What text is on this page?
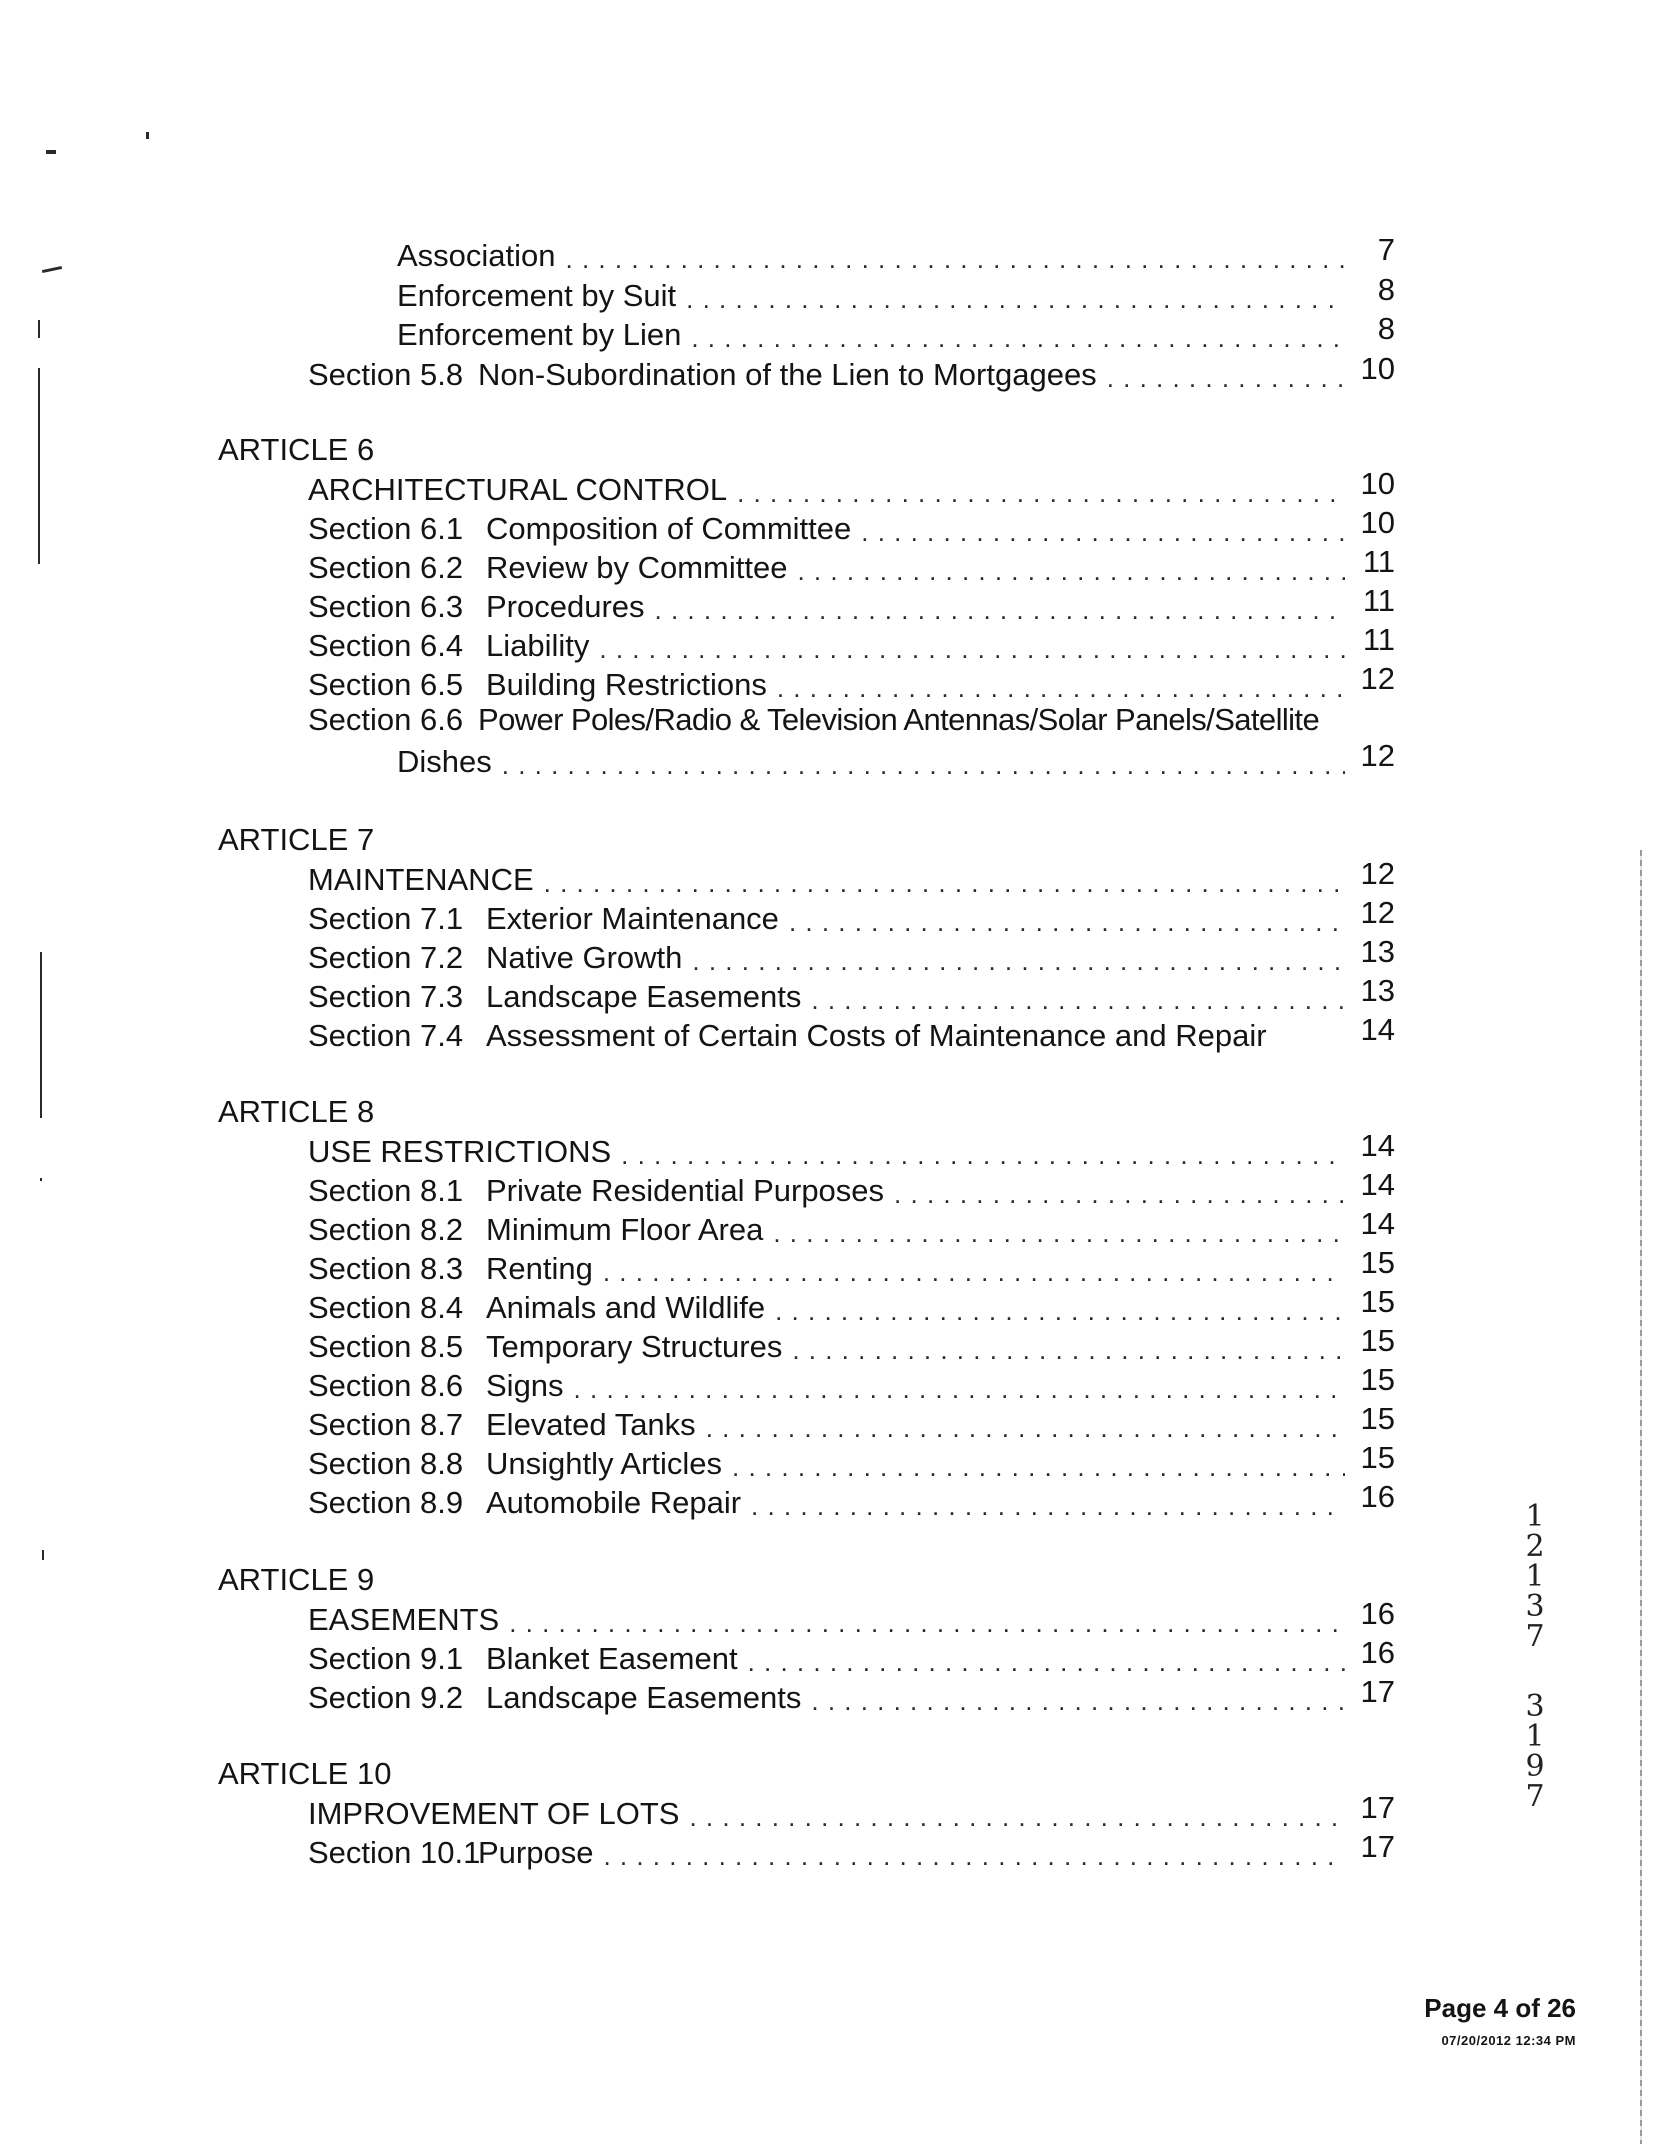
Association . . .	7
Enforcement by Suit . . .	8
Enforcement by Lien . . .	8
Section 5.8 Non-Subordination of the Lien to Mortgagees . . .	10
ARTICLE 6
ARCHITECTURAL CONTROL . . .	10
Section 6.1 Composition of Committee . . .	10
Section 6.2 Review by Committee . . .	11
Section 6.3 Procedures . . .	11
Section 6.4 Liability . . .	11
Section 6.5 Building Restrictions . . .	12
Section 6.6 Power Poles/Radio & Television Antennas/Solar Panels/Satellite
Dishes . . .	12
ARTICLE 7
MAINTENANCE . . .	12
Section 7.1 Exterior Maintenance . . .	12
Section 7.2 Native Growth . . .	13
Section 7.3 Landscape Easements . . .	13
Section 7.4 Assessment of Certain Costs of Maintenance and Repair	14
ARTICLE 8
USE RESTRICTIONS . . .	14
Section 8.1 Private Residential Purposes . . .	14
Section 8.2 Minimum Floor Area . . .	14
Section 8.3 Renting . . .	15
Section 8.4 Animals and Wildlife . . .	15
Section 8.5 Temporary Structures . . .	15
Section 8.6 Signs . . .	15
Section 8.7 Elevated Tanks . . .	15
Section 8.8 Unsightly Articles . . .	15
Section 8.9 Automobile Repair . . .	16
ARTICLE 9
EASEMENTS . . .	16
Section 9.1 Blanket Easement . . .	16
Section 9.2 Landscape Easements . . .	17
ARTICLE 10
IMPROVEMENT OF LOTS . . .	17
Section 10.1Purpose . . .	17
1
2
1
3
7
3
1
9
7
Page 4 of 26
07/20/2012 12:34 PM
